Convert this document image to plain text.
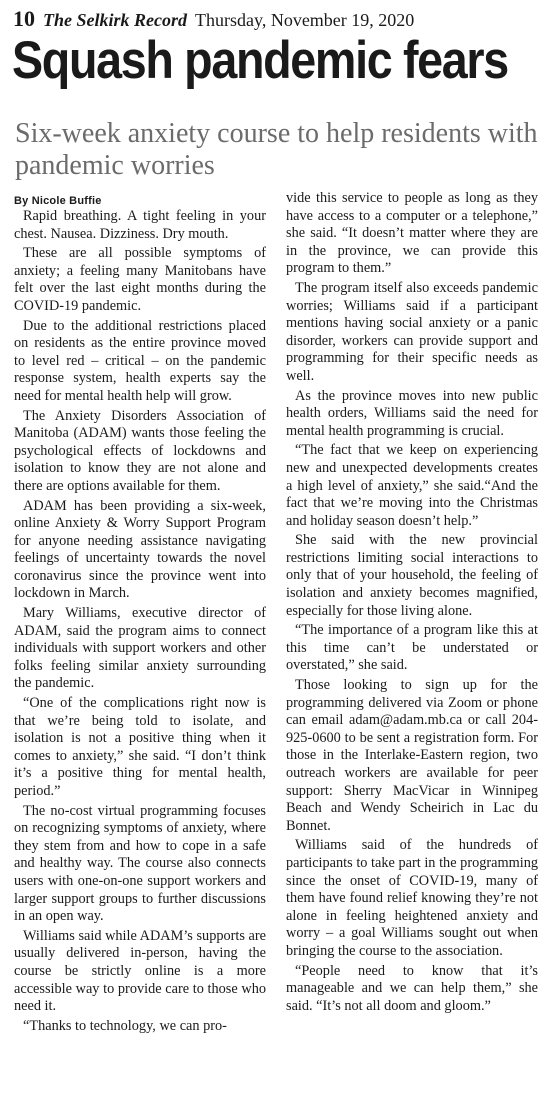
10 The Selkirk Record Thursday, November 19, 2020
Squash pandemic fears
Six-week anxiety course to help residents with pandemic worries
By Nicole Buffie

Rapid breathing. A tight feeling in your chest. Nausea. Dizziness. Dry mouth.

These are all possible symptoms of anxiety; a feeling many Manitobans have felt over the last eight months during the COVID-19 pandemic.

Due to the additional restrictions placed on residents as the entire province moved to level red – critical – on the pandemic response system, health experts say the need for mental health help will grow.

The Anxiety Disorders Association of Manitoba (ADAM) wants those feeling the psychological effects of lockdowns and isolation to know they are not alone and there are options available for them.

ADAM has been providing a six-week, online Anxiety & Worry Support Program for anyone needing assistance navigating feelings of uncertainty towards the novel coronavirus since the province went into lockdown in March.

Mary Williams, executive director of ADAM, said the program aims to connect individuals with support workers and other folks feeling similar anxiety surrounding the pandemic.

“One of the complications right now is that we’re being told to isolate, and isolation is not a positive thing when it comes to anxiety,” she said. “I don’t think it’s a positive thing for mental health, period.”

The no-cost virtual programming focuses on recognizing symptoms of anxiety, where they stem from and how to cope in a safe and healthy way. The course also connects users with one-on-one support workers and larger support groups to further discussions in an open way.

Williams said while ADAM’s supports are usually delivered in-person, having the course be strictly online is a more accessible way to provide care to those who need it.

“Thanks to technology, we can pro-

vide this service to people as long as they have access to a computer or a telephone,” she said. “It doesn’t matter where they are in the province, we can provide this program to them.”

The program itself also exceeds pandemic worries; Williams said if a participant mentions having social anxiety or a panic disorder, workers can provide support and programming for their specific needs as well.

As the province moves into new public health orders, Williams said the need for mental health programming is crucial.

“The fact that we keep on experiencing new and unexpected developments creates a high level of anxiety,” she said.“And the fact that we’re moving into the Christmas and holiday season doesn’t help.”

She said with the new provincial restrictions limiting social interactions to only that of your household, the feeling of isolation and anxiety becomes magnified, especially for those living alone.

“The importance of a program like this at this time can’t be understated or overstated,” she said.

Those looking to sign up for the programming delivered via Zoom or phone can email adam@adam.mb.ca or call 204-925-0600 to be sent a registration form. For those in the Interlake-Eastern region, two outreach workers are available for peer support: Sherry MacVicar in Winnipeg Beach and Wendy Scheirich in Lac du Bonnet.

Williams said of the hundreds of participants to take part in the programming since the onset of COVID-19, many of them have found relief knowing they’re not alone in feeling heightened anxiety and worry – a goal Williams sought out when bringing the course to the association.

“People need to know that it’s manageable and we can help them,” she said. “It’s not all doom and gloom.”
